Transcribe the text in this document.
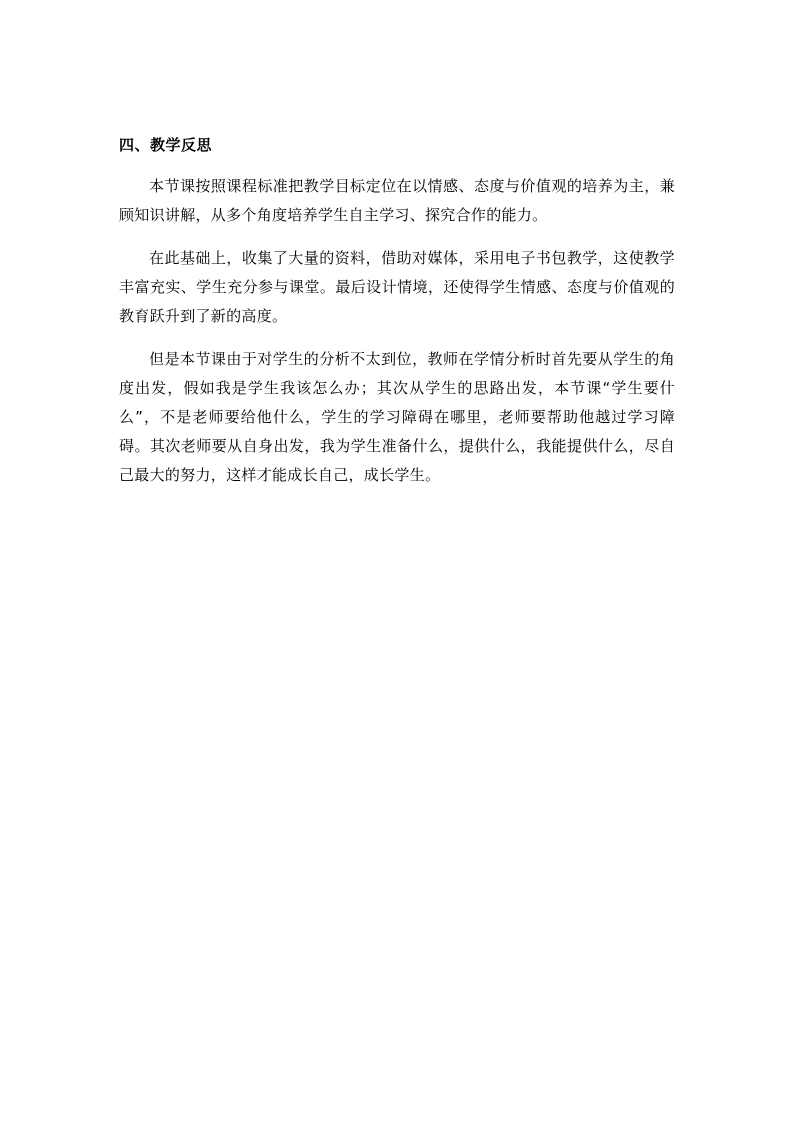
四、教学反思

本节课按照课程标准把教学目标定位在以情感、态度与价值观的培养为主，兼顾知识讲解，从多个角度培养学生自主学习、探究合作的能力。

在此基础上，收集了大量的资料，借助对媒体，采用电子书包教学，这使教学丰富充实、学生充分参与课堂。最后设计情境，还使得学生情感、态度与价值观的教育跃升到了新的高度。

但是本节课由于对学生的分析不太到位，教师在学情分析时首先要从学生的角度出发，假如我是学生我该怎么办；其次从学生的思路出发，本节课“学生要什么”，不是老师要给他什么，学生的学习障碍在哪里，老师要帮助他越过学习障碍。其次老师要从自身出发，我为学生准备什么，提供什么，我能提供什么，尽自己最大的努力，这样才能成长自己，成长学生。
